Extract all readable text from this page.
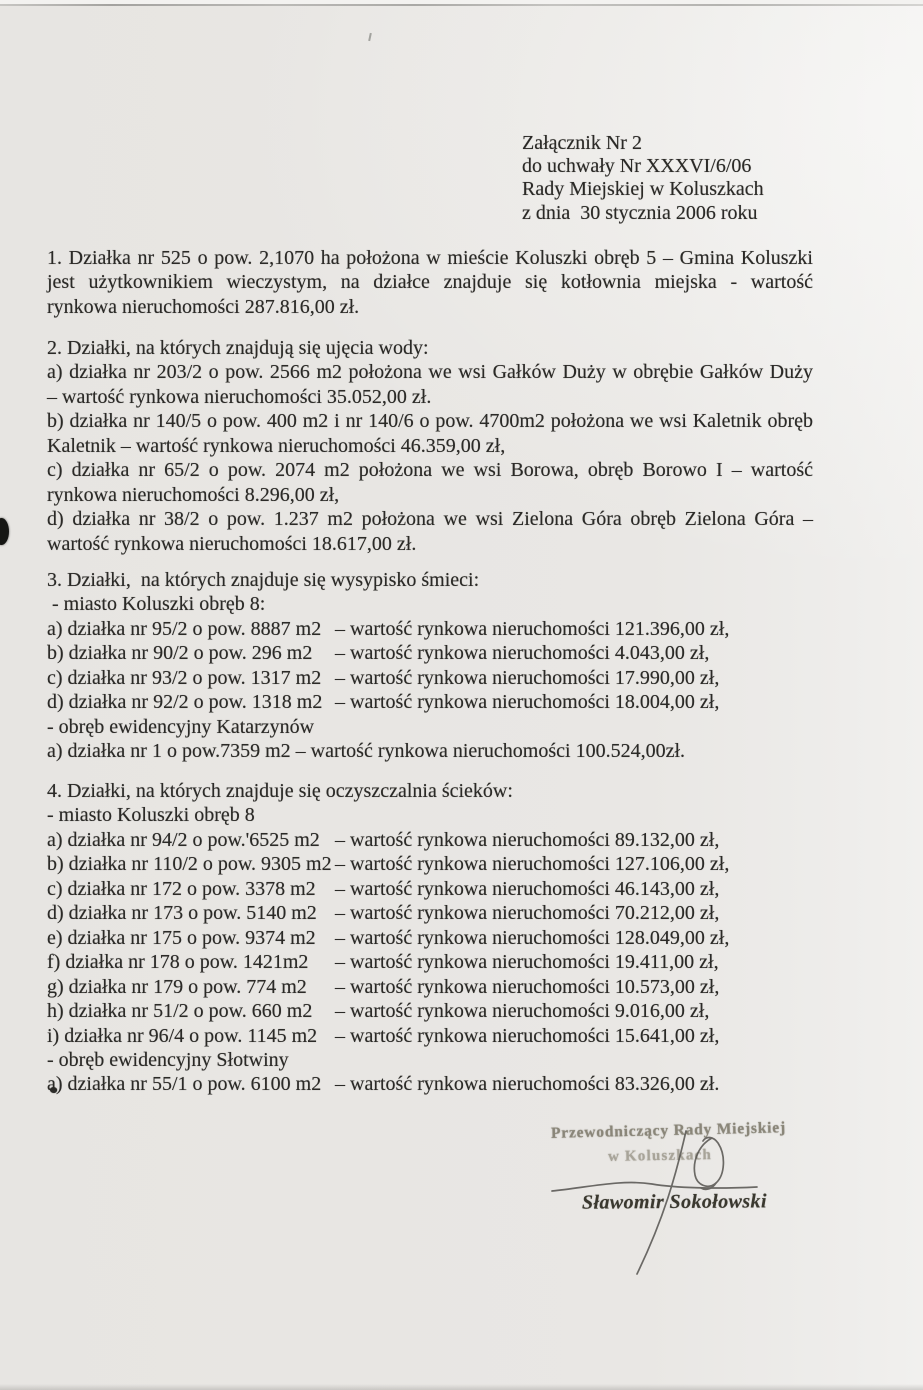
Załącznik Nr 2
do uchwały Nr XXXVI/6/06
Rady Miejskiej w Koluszkach
z dnia  30 stycznia 2006 roku
1. Działka nr 525 o pow. 2,1070 ha położona w mieście Koluszki obręb 5 – Gmina Koluszki
jest użytkownikiem wieczystym, na działce znajduje się kotłownia miejska - wartość
rynkowa nieruchomości 287.816,00 zł.
2. Działki, na których znajdują się ujęcia wody:
a) działka nr 203/2 o pow. 2566 m2 położona we wsi Gałków Duży w obrębie Gałków Duży
– wartość rynkowa nieruchomości 35.052,00 zł.
b) działka nr 140/5 o pow. 400 m2 i nr 140/6 o pow. 4700m2 położona we wsi Kaletnik obręb
Kaletnik – wartość rynkowa nieruchomości 46.359,00 zł,
c) działka nr 65/2 o pow. 2074 m2 położona we wsi Borowa, obręb Borowo I – wartość
rynkowa nieruchomości 8.296,00 zł,
d) działka nr 38/2 o pow. 1.237 m2 położona we wsi Zielona Góra obręb Zielona Góra –
wartość rynkowa nieruchomości 18.617,00 zł.
3. Działki,  na których znajduje się wysypisko śmieci:
- miasto Koluszki obręb 8:
a) działka nr 95/2 o pow. 8887 m2 – wartość rynkowa nieruchomości 121.396,00 zł,
b) działka nr 90/2 o pow. 296 m2	– wartość rynkowa nieruchomości 4.043,00 zł,
c) działka nr 93/2 o pow. 1317 m2 – wartość rynkowa nieruchomości 17.990,00 zł,
d) działka nr 92/2 o pow. 1318 m2 – wartość rynkowa nieruchomości 18.004,00 zł,
- obręb ewidencyjny Katarzynów
a) działka nr 1 o pow.7359 m2 – wartość rynkowa nieruchomości 100.524,00zł.
4. Działki, na których znajduje się oczyszczalnia ścieków:
- miasto Koluszki obręb 8
a) działka nr 94/2 o pow.'6525 m2 – wartość rynkowa nieruchomości 89.132,00 zł,
b) działka nr 110/2 o pow. 9305 m2 – wartość rynkowa nieruchomości 127.106,00 zł,
c) działka nr 172 o pow. 3378 m2 – wartość rynkowa nieruchomości 46.143,00 zł,
d) działka nr 173 o pow. 5140 m2 – wartość rynkowa nieruchomości 70.212,00 zł,
e) działka nr 175 o pow. 9374 m2 – wartość rynkowa nieruchomości 128.049,00 zł,
f) działka nr 178 o pow. 1421m2	– wartość rynkowa nieruchomości 19.411,00 zł,
g) działka nr 179 o pow. 774 m2	– wartość rynkowa nieruchomości 10.573,00 zł,
h) działka nr 51/2 o pow. 660 m2	– wartość rynkowa nieruchomości 9.016,00 zł,
i) działka nr 96/4 o pow. 1145 m2 – wartość rynkowa nieruchomości 15.641,00 zł,
- obręb ewidencyjny Słotwiny
a) działka nr 55/1 o pow. 6100 m2 – wartość rynkowa nieruchomości 83.326,00 zł.
Przewodniczący Rady Miejskiej
w Koluszkach
Sławomir Sokołowski
